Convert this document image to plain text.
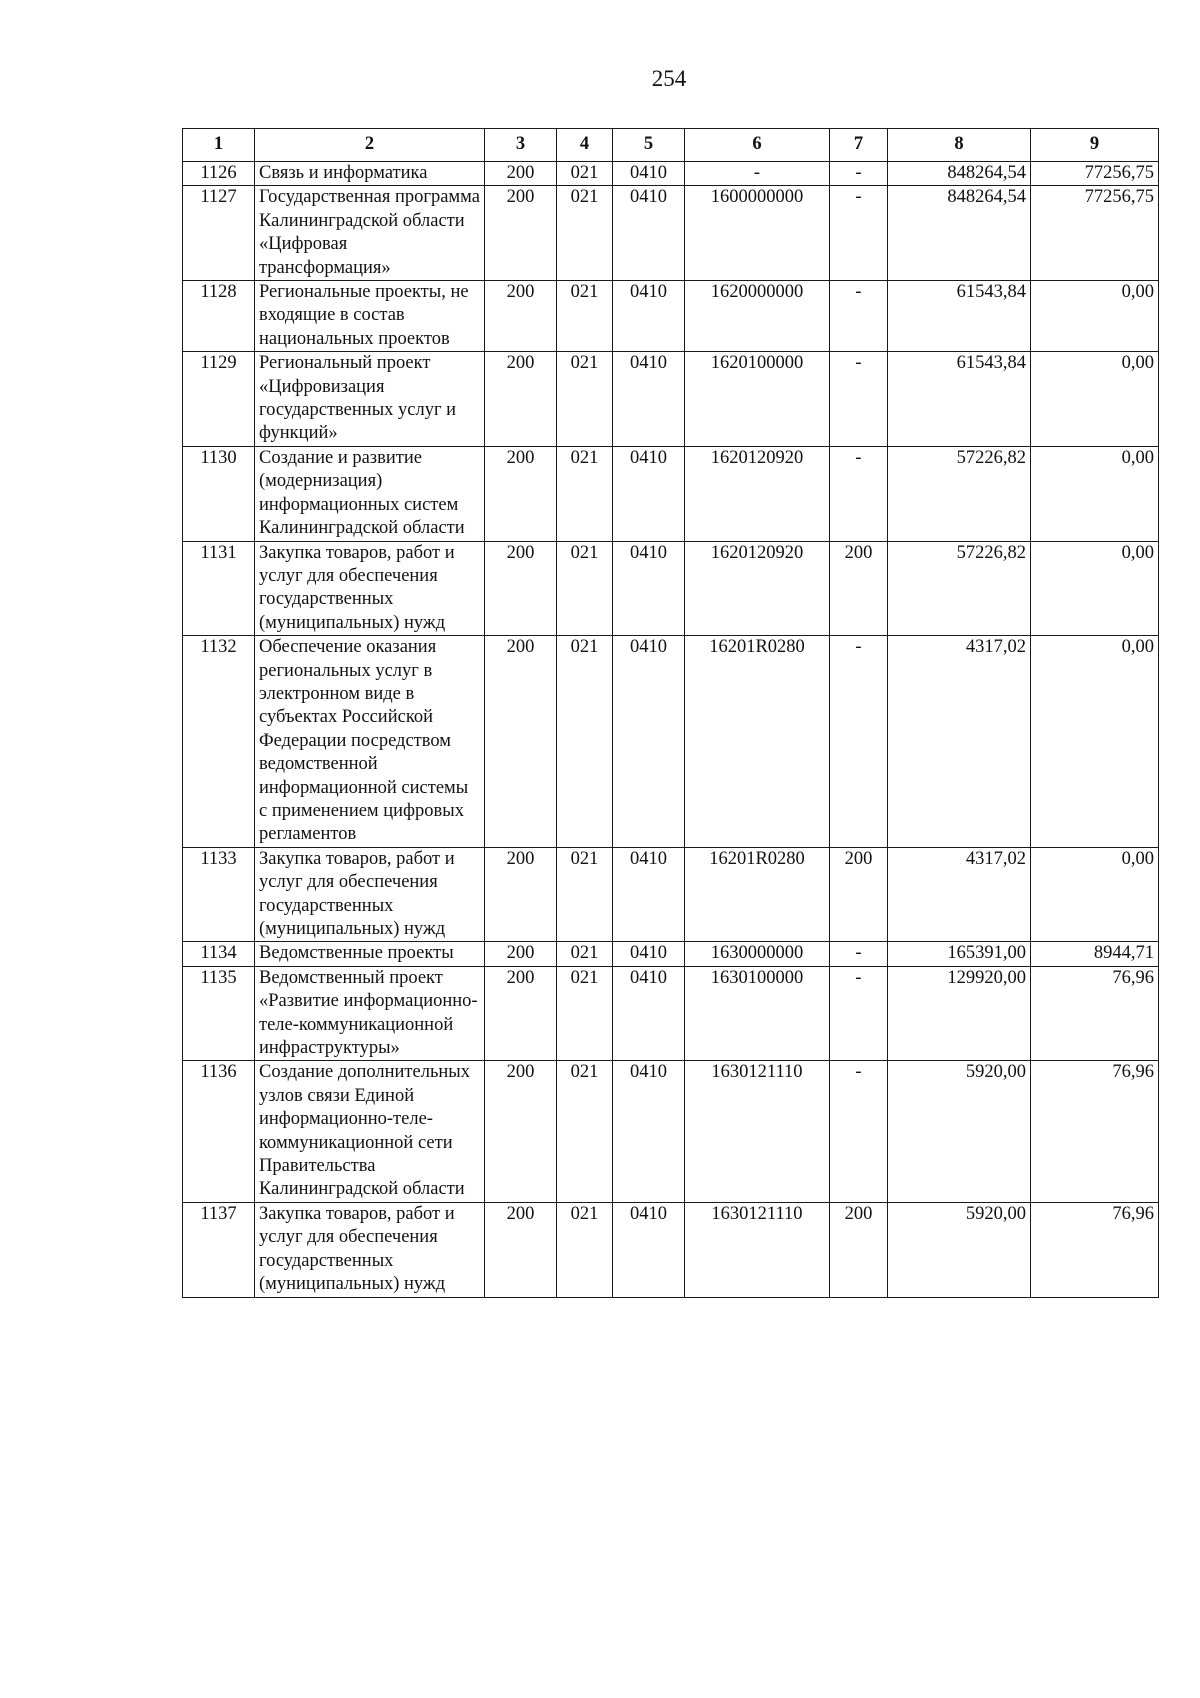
254
1	2	3	4	5	6	7	8	9
1126	Связь и информатика	200	021	0410	-	-	848264,54	77256,75
1127	Государственная программа Калининградской области «Цифровая трансформация»	200	021	0410	1600000000	-	848264,54	77256,75
1128	Региональные проекты, не входящие в состав национальных проектов	200	021	0410	1620000000	-	61543,84	0,00
1129	Региональный проект «Цифровизация государственных услуг и функций»	200	021	0410	1620100000	-	61543,84	0,00
1130	Создание и развитие (модернизация) информационных систем Калининградской области	200	021	0410	1620120920	-	57226,82	0,00
1131	Закупка товаров, работ и услуг для обеспечения государственных (муниципальных) нужд	200	021	0410	1620120920	200	57226,82	0,00
1132	Обеспечение оказания региональных услуг в электронном виде в субъектах Российской Федерации посредством ведомственной информационной системы с применением цифровых регламентов	200	021	0410	16201R0280	-	4317,02	0,00
1133	Закупка товаров, работ и услуг для обеспечения государственных (муниципальных) нужд	200	021	0410	16201R0280	200	4317,02	0,00
1134	Ведомственные проекты	200	021	0410	1630000000	-	165391,00	8944,71
1135	Ведомственный проект «Развитие информационно-теле-коммуникационной инфраструктуры»	200	021	0410	1630100000	-	129920,00	76,96
1136	Создание дополнительных узлов связи Единой информационно-теле-коммуникационной сети Правительства Калининградской области	200	021	0410	1630121110	-	5920,00	76,96
1137	Закупка товаров, работ и услуг для обеспечения государственных (муниципальных) нужд	200	021	0410	1630121110	200	5920,00	76,96
